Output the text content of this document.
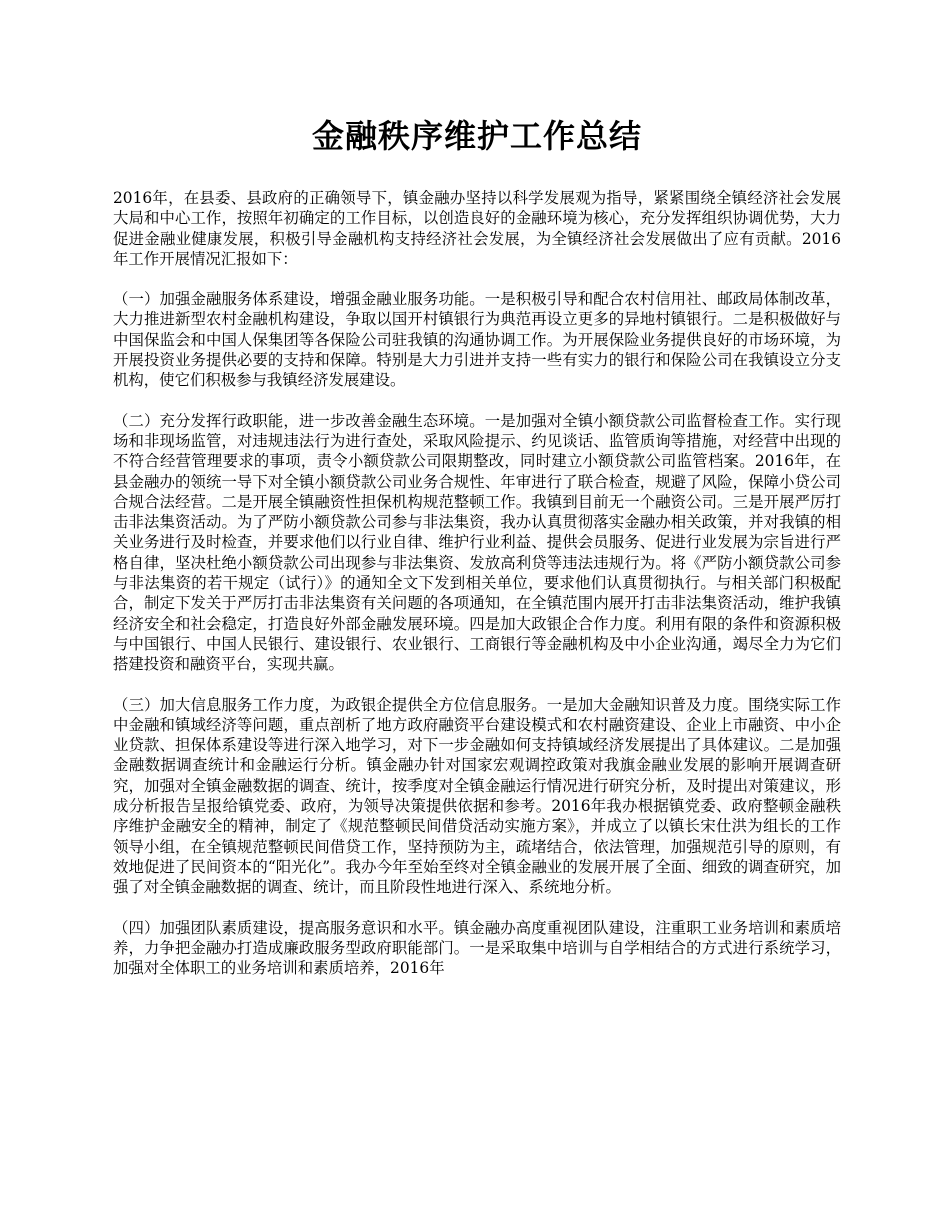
金融秩序维护工作总结

2016年，在县委、县政府的正确领导下，镇金融办坚持以科学发展观为指导，紧紧围绕全镇经济社会发展大局和中心工作，按照年初确定的工作目标，以创造良好的金融环境为核心，充分发挥组织协调优势，大力促进金融业健康发展，积极引导金融机构支持经济社会发展，为全镇经济社会发展做出了应有贡献。2016年工作开展情况汇报如下：

（一）加强金融服务体系建设，增强金融业服务功能。一是积极引导和配合农村信用社、邮政局体制改革，大力推进新型农村金融机构建设，争取以国开村镇银行为典范再设立更多的异地村镇银行。二是积极做好与中国保监会和中国人保集团等各保险公司驻我镇的沟通协调工作。为开展保险业务提供良好的市场环境，为开展投资业务提供必要的支持和保障。特别是大力引进并支持一些有实力的银行和保险公司在我镇设立分支机构，使它们积极参与我镇经济发展建设。

（二）充分发挥行政职能，进一步改善金融生态环境。一是加强对全镇小额贷款公司监督检查工作。实行现场和非现场监管，对违规违法行为进行查处，采取风险提示、约见谈话、监管质询等措施，对经营中出现的不符合经营管理要求的事项，责令小额贷款公司限期整改，同时建立小额贷款公司监管档案。2016年，在县金融办的领统一导下对全镇小额贷款公司业务合规性、年审进行了联合检查，规避了风险，保障小贷公司合规合法经营。二是开展全镇融资性担保机构规范整顿工作。我镇到目前无一个融资公司。三是开展严厉打击非法集资活动。为了严防小额贷款公司参与非法集资，我办认真贯彻落实金融办相关政策，并对我镇的相关业务进行及时检查，并要求他们以行业自律、维护行业利益、提供会员服务、促进行业发展为宗旨进行严格自律，坚决杜绝小额贷款公司出现参与非法集资、发放高利贷等违法违规行为。将《严防小额贷款公司参与非法集资的若干规定（试行）》的通知全文下发到相关单位，要求他们认真贯彻执行。与相关部门积极配合，制定下发关于严厉打击非法集资有关问题的各项通知，在全镇范围内展开打击非法集资活动，维护我镇经济安全和社会稳定，打造良好外部金融发展环境。四是加大政银企合作力度。利用有限的条件和资源积极与中国银行、中国人民银行、建设银行、农业银行、工商银行等金融机构及中小企业沟通，竭尽全力为它们搭建投资和融资平台，实现共赢。

（三）加大信息服务工作力度，为政银企提供全方位信息服务。一是加大金融知识普及力度。围绕实际工作中金融和镇域经济等问题，重点剖析了地方政府融资平台建设模式和农村融资建设、企业上市融资、中小企业贷款、担保体系建设等进行深入地学习，对下一步金融如何支持镇域经济发展提出了具体建议。二是加强金融数据调查统计和金融运行分析。镇金融办针对国家宏观调控政策对我旗金融业发展的影响开展调查研究，加强对全镇金融数据的调查、统计，按季度对全镇金融运行情况进行研究分析，及时提出对策建议，形成分析报告呈报给镇党委、政府，为领导决策提供依据和参考。2016年我办根据镇党委、政府整顿金融秩序维护金融安全的精神，制定了《规范整顿民间借贷活动实施方案》，并成立了以镇长宋仕洪为组长的工作领导小组，在全镇规范整顿民间借贷工作，坚持预防为主，疏堵结合，依法管理，加强规范引导的原则，有效地促进了民间资本的“阳光化”。我办今年至始至终对全镇金融业的发展开展了全面、细致的调查研究，加强了对全镇金融数据的调查、统计，而且阶段性地进行深入、系统地分析。

（四）加强团队素质建设，提高服务意识和水平。镇金融办高度重视团队建设，注重职工业务培训和素质培养，力争把金融办打造成廉政服务型政府职能部门。一是采取集中培训与自学相结合的方式进行系统学习，加强对全体职工的业务培训和素质培养，2016年
